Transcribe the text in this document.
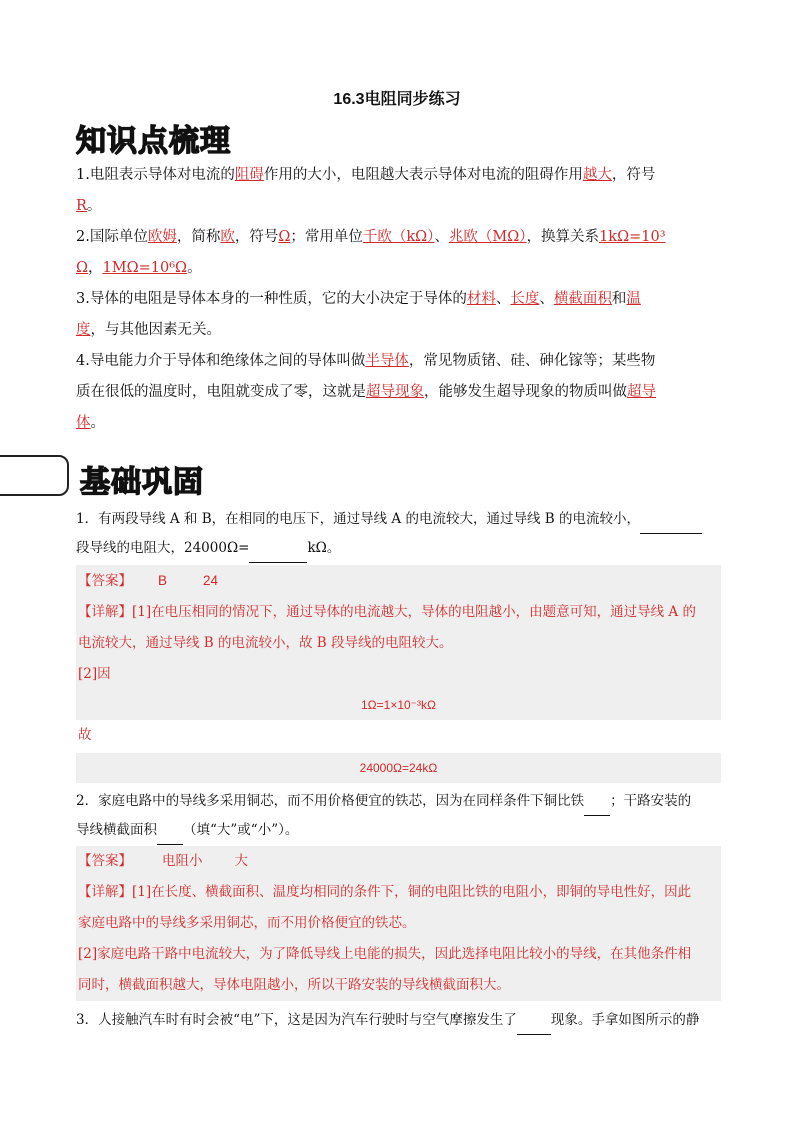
16.3电阻同步练习
知识点梳理
1.电阻表示导体对电流的阻碍作用的大小，电阻越大表示导体对电流的阻碍作用越大，符号
R。
2.国际单位欧姆，简称欧，符号Ω；常用单位千欧（kΩ）、兆欧（MΩ），换算关系1kΩ=10³
Ω，1MΩ=10⁶Ω。
3.导体的电阻是导体本身的一种性质，它的大小决定于导体的材料、长度、横截面积和温
度，与其他因素无关。
4.导电能力介于导体和绝缘体之间的导体叫做半导体，常见物质锗、硅、砷化镓等；某些物
质在很低的温度时，电阻就变成了零，这就是超导现象，能够发生超导现象的物质叫做超导
体。
基础巩固
1．有两段导线 A 和 B，在相同的电压下，通过导线 A 的电流较大，通过导线 B 的电流较小，
段导线的电阻大，24000Ω=	kΩ。
【答案】 B	24
【详解】[1]在电压相同的情况下，通过导体的电流越大，导体的电阻越小，由题意可知，通过导线 A 的
电流较大，通过导线 B 的电流较小，故 B 段导线的电阻较大。
[2]因
1Ω=1×10⁻³kΩ
故
24000Ω=24kΩ
2．家庭电路中的导线多采用铜芯，而不用价格便宜的铁芯，因为在同样条件下铜比铁 ；干路安装的
导线横截面积 （填“大”或“小”）。
【答案】 电阻小 大
【详解】[1]在长度、横截面积、温度均相同的条件下，铜的电阻比铁的电阻小，即铜的导电性好，因此
家庭电路中的导线多采用铜芯，而不用价格便宜的铁芯。
[2]家庭电路干路中电流较大，为了降低导线上电能的损失，因此选择电阻比较小的导线，在其他条件相
同时，横截面积越大，导体电阻越小，所以干路安装的导线横截面积大。
3．人接触汽车时有时会被“电”下，这是因为汽车行驶时与空气摩擦发生了	现象。手拿如图所示的静
